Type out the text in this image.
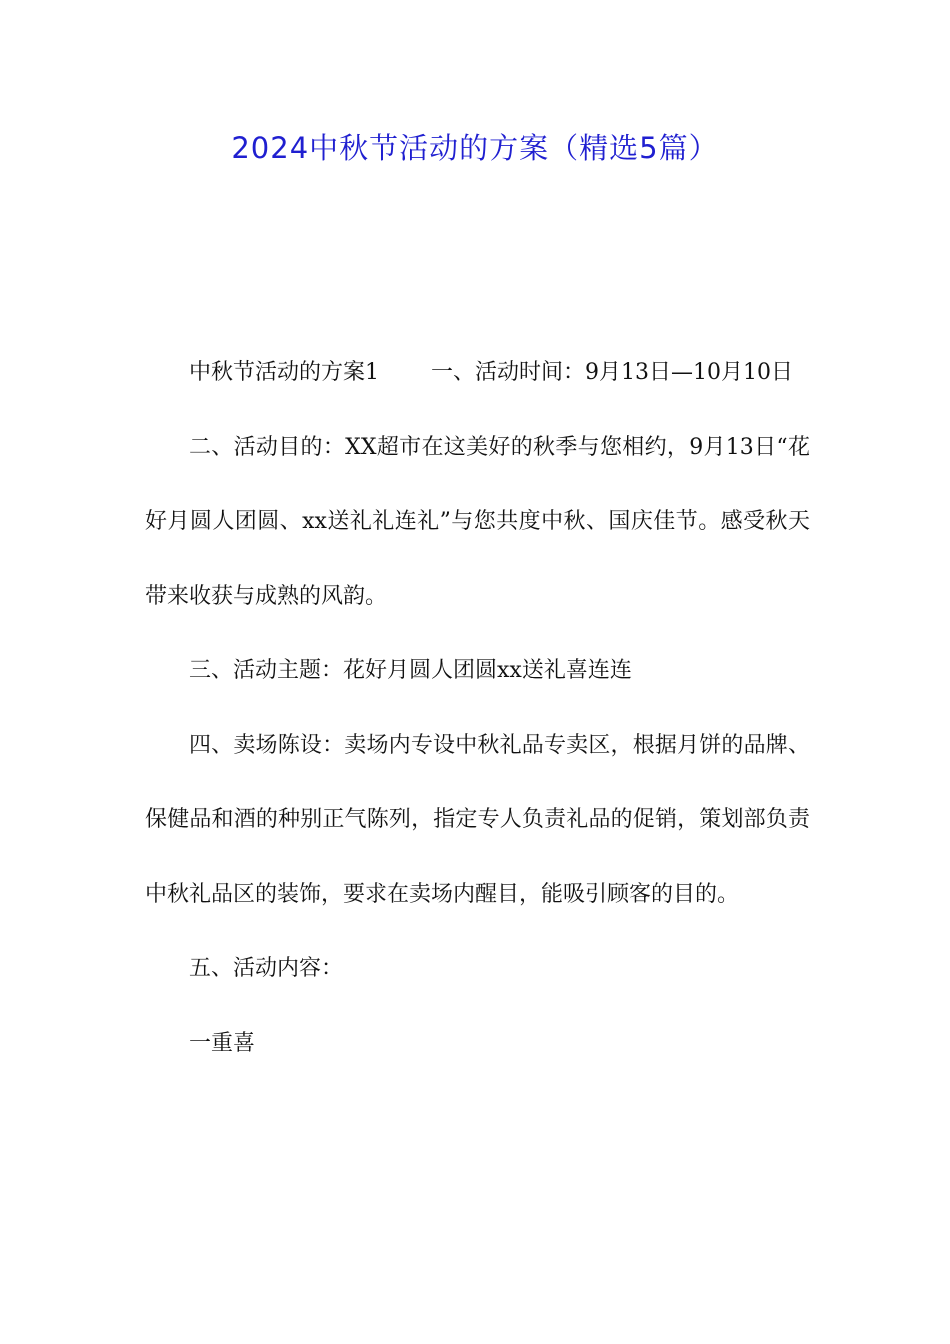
2024中秋节活动的方案（精选5篇）

中秋节活动的方案1 一、活动时间：9月13日—10月10日

二、活动目的：XX超市在这美好的秋季与您相约，9月13日“花好月圆人团圆、xx送礼礼连礼”与您共度中秋、国庆佳节。感受秋天带来收获与成熟的风韵。

三、活动主题：花好月圆人团圆xx送礼喜连连

四、卖场陈设：卖场内专设中秋礼品专卖区，根据月饼的品牌、保健品和酒的种别正气陈列，指定专人负责礼品的促销，策划部负责中秋礼品区的装饰，要求在卖场内醒目，能吸引顾客的目的。

五、活动内容：

一重喜
